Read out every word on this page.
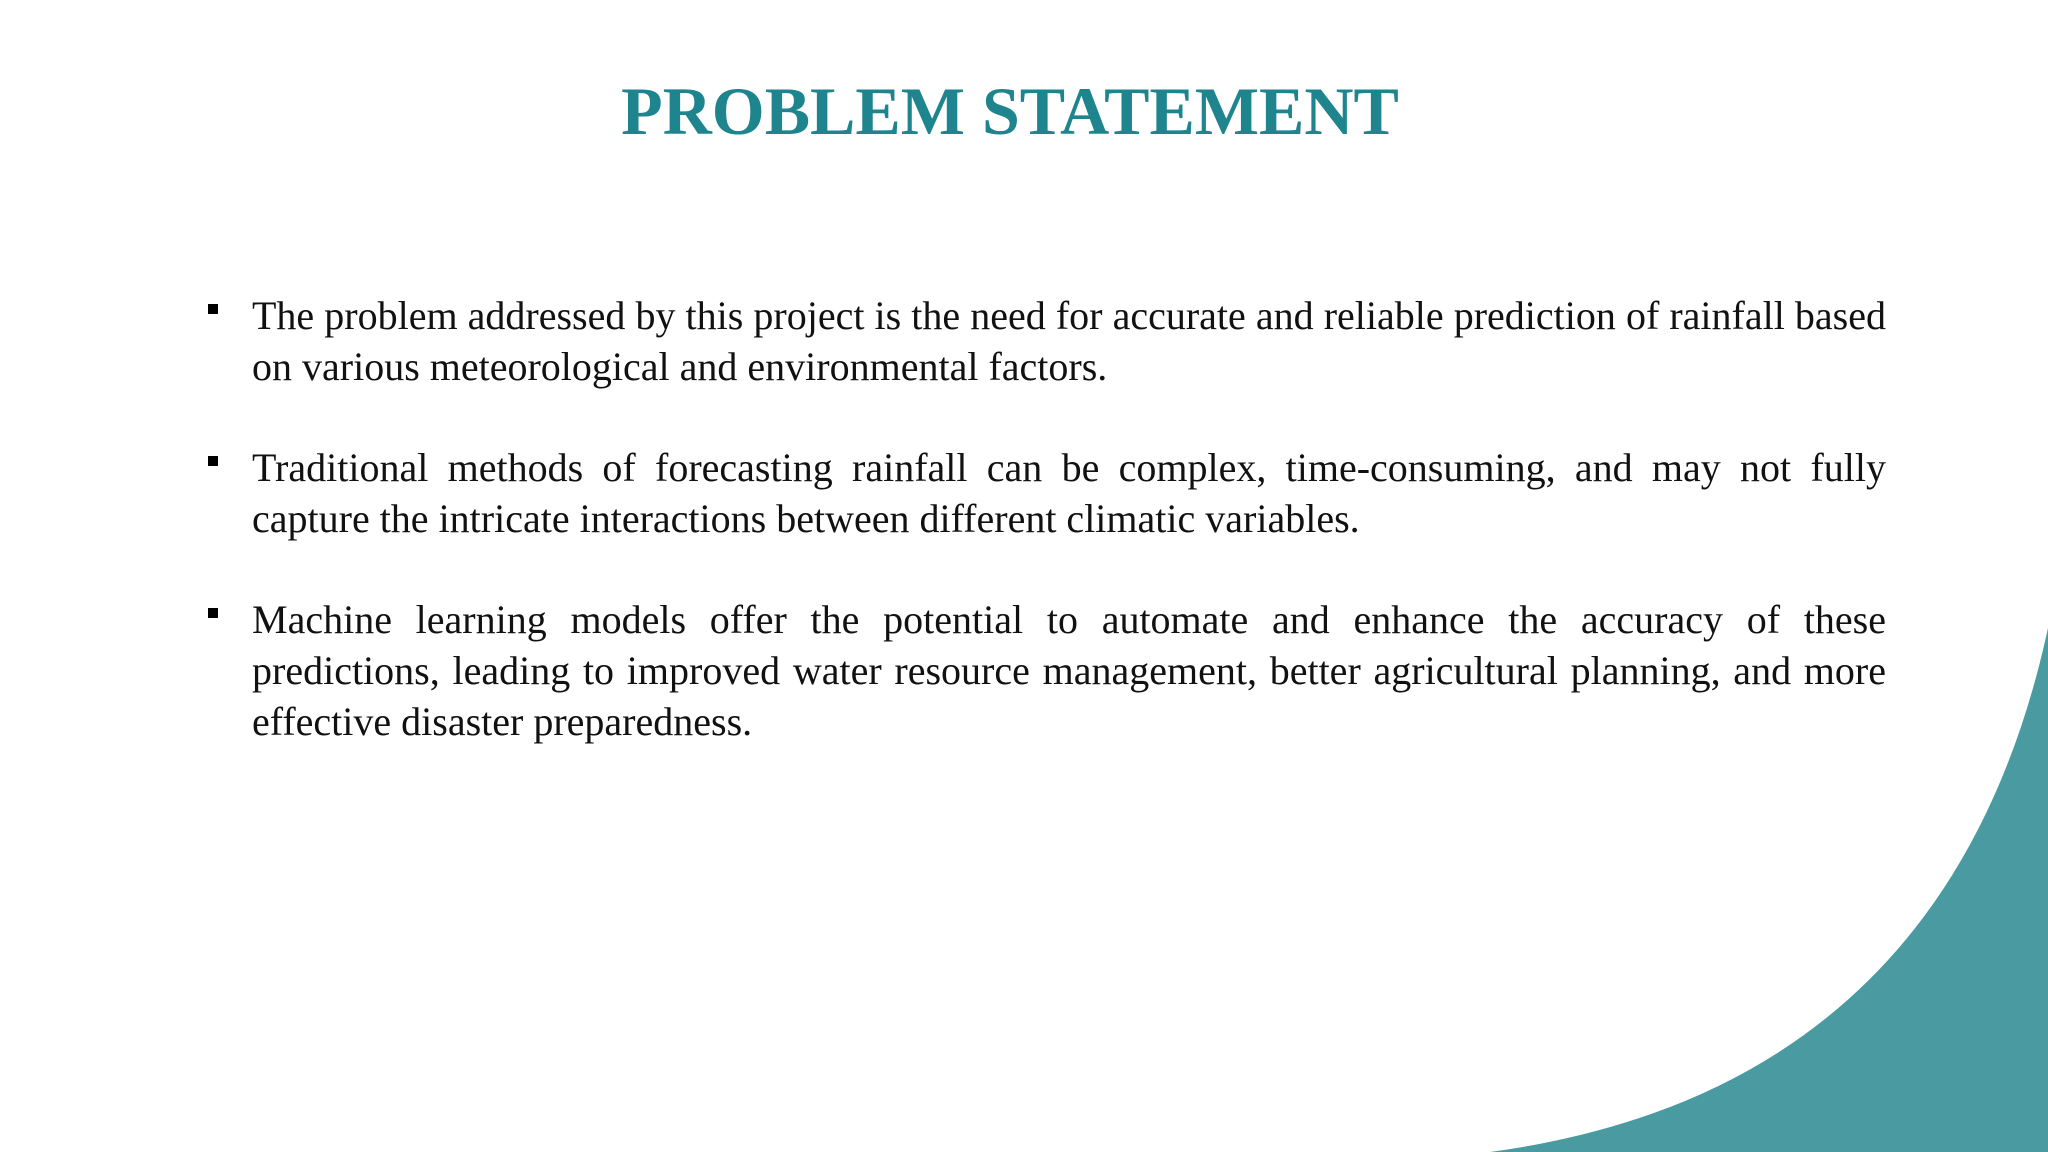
PROBLEM STATEMENT
The problem addressed by this project is the need for accurate and reliable prediction of rainfall based on various meteorological and environmental factors.
Traditional methods of forecasting rainfall can be complex, time-consuming, and may not fully capture the intricate interactions between different climatic variables.
Machine learning models offer the potential to automate and enhance the accuracy of these predictions, leading to improved water resource management, better agricultural planning, and more effective disaster preparedness.
